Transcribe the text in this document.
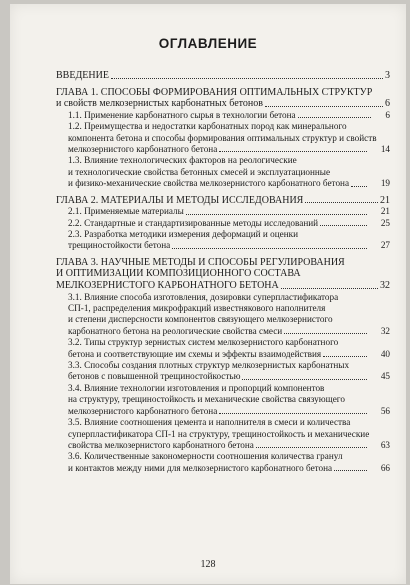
ОГЛАВЛЕНИЕ
ВВЕДЕНИЕ	3
ГЛАВА 1. СПОСОБЫ ФОРМИРОВАНИЯ ОПТИМАЛЬНЫХ СТРУКТУР
и свойств мелкозернистых карбонатных бетонов	6
1.1. Применение карбонатного сырья в технологии бетона	6
1.2. Преимущества и недостатки карбонатных пород как минерального
компонента бетона и способы формирования оптимальных структур и свойств
мелкозернистого карбонатного бетона	14
1.3. Влияние технологических факторов на реологические
и технологические свойства бетонных смесей и эксплуатационные
и физико-механические свойства мелкозернистого карбонатного бетона	19
ГЛАВА 2. МАТЕРИАЛЫ И МЕТОДЫ ИССЛЕДОВАНИЯ	21
2.1. Применяемые материалы	21
2.2. Стандартные и стандартизированные методы исследований	25
2.3. Разработка методики измерения деформаций и оценки
трещиностойкости бетона	27
ГЛАВА 3. НАУЧНЫЕ МЕТОДЫ И СПОСОБЫ РЕГУЛИРОВАНИЯ
И ОПТИМИЗАЦИИ КОМПОЗИЦИОННОГО СОСТАВА
МЕЛКОЗЕРНИСТОГО КАРБОНАТНОГО БЕТОНА	32
3.1. Влияние способа изготовления, дозировки суперпластификатора
СП-1, распределения микрофракций известнякового наполнителя
и степени дисперсности компонентов связующего мелкозернистого
карбонатного бетона на реологические свойства смеси	32
3.2. Типы структур зернистых систем мелкозернистого карбонатного
бетона и соответствующие им схемы и эффекты взаимодействия	40
3.3. Способы создания плотных структур мелкозернистых карбонатных
бетонов с повышенной трещиностойкостью	45
3.4. Влияние технологии изготовления и пропорций компонентов
на структуру, трещиностойкость и механические свойства связующего
мелкозернистого карбонатного бетона	56
3.5. Влияние соотношения цемента и наполнителя в смеси и количества
суперпластификатора СП-1 на структуру, трещиностойкость и механические
свойства мелкозернистого карбонатного бетона	63
3.6. Количественные закономерности соотношения количества гранул
и контактов между ними для мелкозернистого карбонатного бетона	66
128
